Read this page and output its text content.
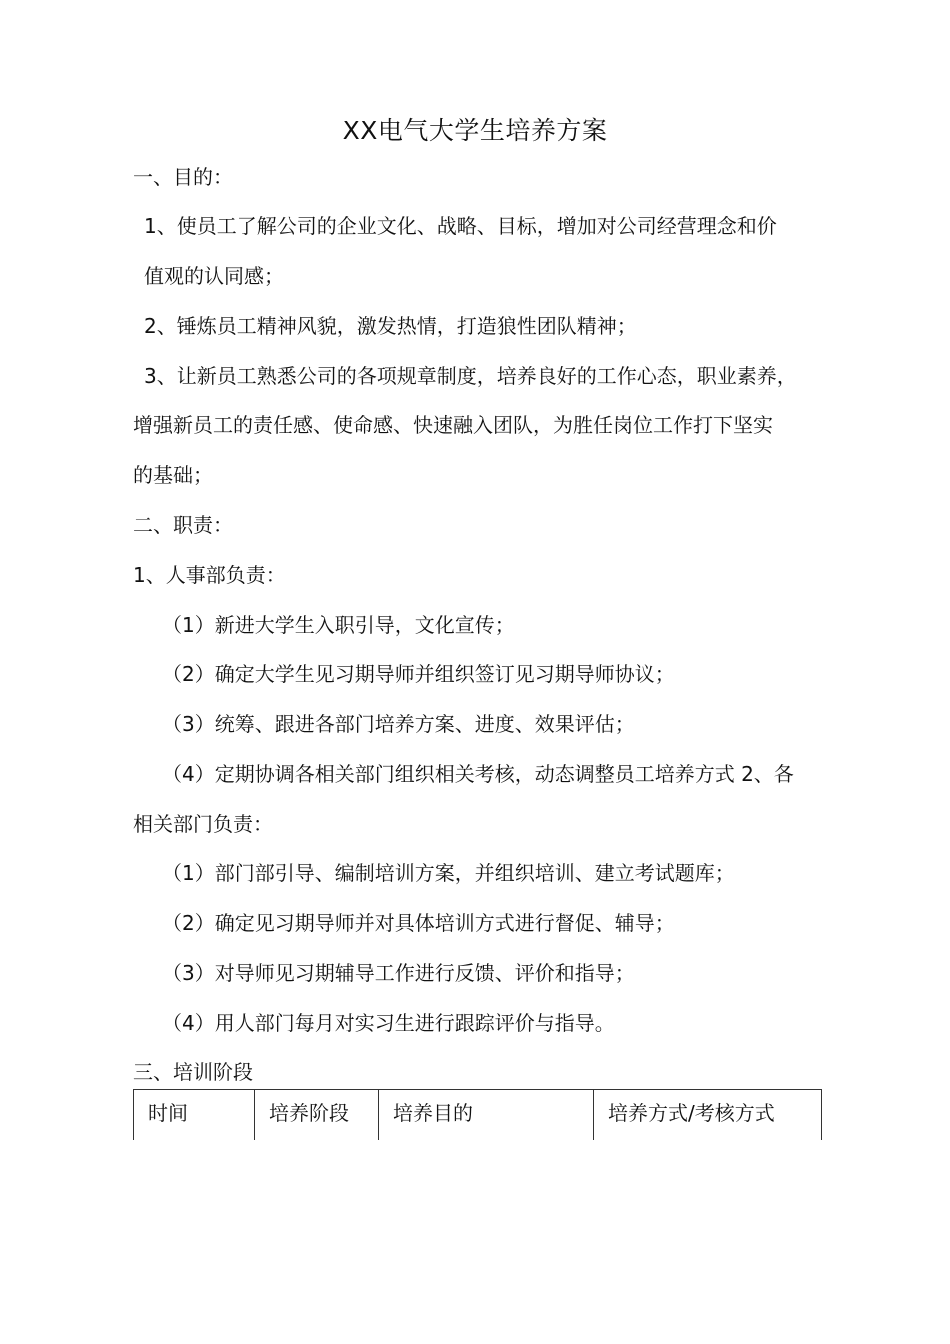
XX电气大学生培养方案
一、目的：
1、使员工了解公司的企业文化、战略、目标，增加对公司经营理念和价
值观的认同感；
2、锤炼员工精神风貌，激发热情，打造狼性团队精神；
3、让新员工熟悉公司的各项规章制度，培养良好的工作心态，职业素养，
增强新员工的责任感、使命感、快速融入团队，为胜任岗位工作打下坚实
的基础；
二、职责：
1、人事部负责：
（1）新进大学生入职引导，文化宣传；
（2）确定大学生见习期导师并组织签订见习期导师协议；
（3）统筹、跟进各部门培养方案、进度、效果评估；
（4）定期协调各相关部门组织相关考核，动态调整员工培养方式 2、各
相关部门负责：
（1）部门部引导、编制培训方案，并组织培训、建立考试题库；
（2）确定见习期导师并对具体培训方式进行督促、辅导；
（3）对导师见习期辅导工作进行反馈、评价和指导；
（4）用人部门每月对实习生进行跟踪评价与指导。
三、培训阶段
时间	培养阶段	培养目的	培养方式/考核方式
